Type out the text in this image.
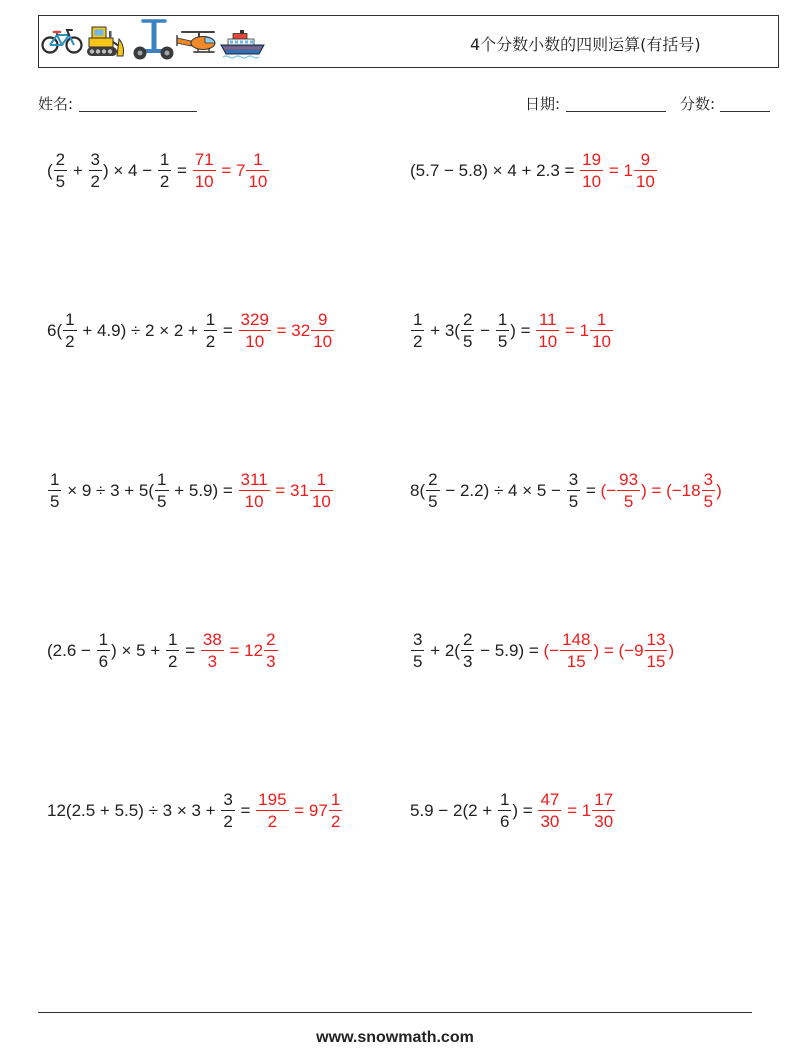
4个分数小数的四则运算(有括号)
姓名:	日期:	分数:
( $\frac{2}{5} + \frac{3}{2}$ ) × $4 - \frac{1}{2} = \frac{71}{10} = 7 \frac{1}{10}$	$(5.7 - 5.8) \times 4 + 2.3 = \frac{19}{10} = 1 \frac{9}{10}$
$6( \frac{1}{2} + 4.9) \div 2 \times 2 + \frac{1}{2} = \frac{329}{10} = 32 \frac{9}{10}$	$\frac{1}{2} + 3( \frac{2}{5} - \frac{1}{5}$ ) = $\frac{11}{10} = 1 \frac{1}{10}$
$\frac{1}{5} \times 9 \div 3 + 5( \frac{1}{5} + 5.9) = \frac{311}{10} = 31 \frac{1}{10}$	$8( \frac{2}{5} - 2.2) \div 4 \times 5 - \frac{3}{5}$ = (− $\frac{93}{5}$ ) = ($-18 \frac{3}{5}$ )
($2.6 - \frac{1}{6}$ ) × $5 + \frac{1}{2} = \frac{38}{3} = 12 \frac{2}{3}$	$\frac{3}{5} + 2( \frac{2}{3} - 5.9)$ = (− $\frac{148}{15}$ ) = ($-9 \frac{13}{15}$ )
$12(2.5 + 5.5) \div 3 \times 3 + \frac{3}{2} = \frac{195}{2} = 97 \frac{1}{2}$	$5.9 - 2(2 + \frac{1}{6}$ ) = $\frac{47}{30} = 1 \frac{17}{30}$
www.snowmath.com
